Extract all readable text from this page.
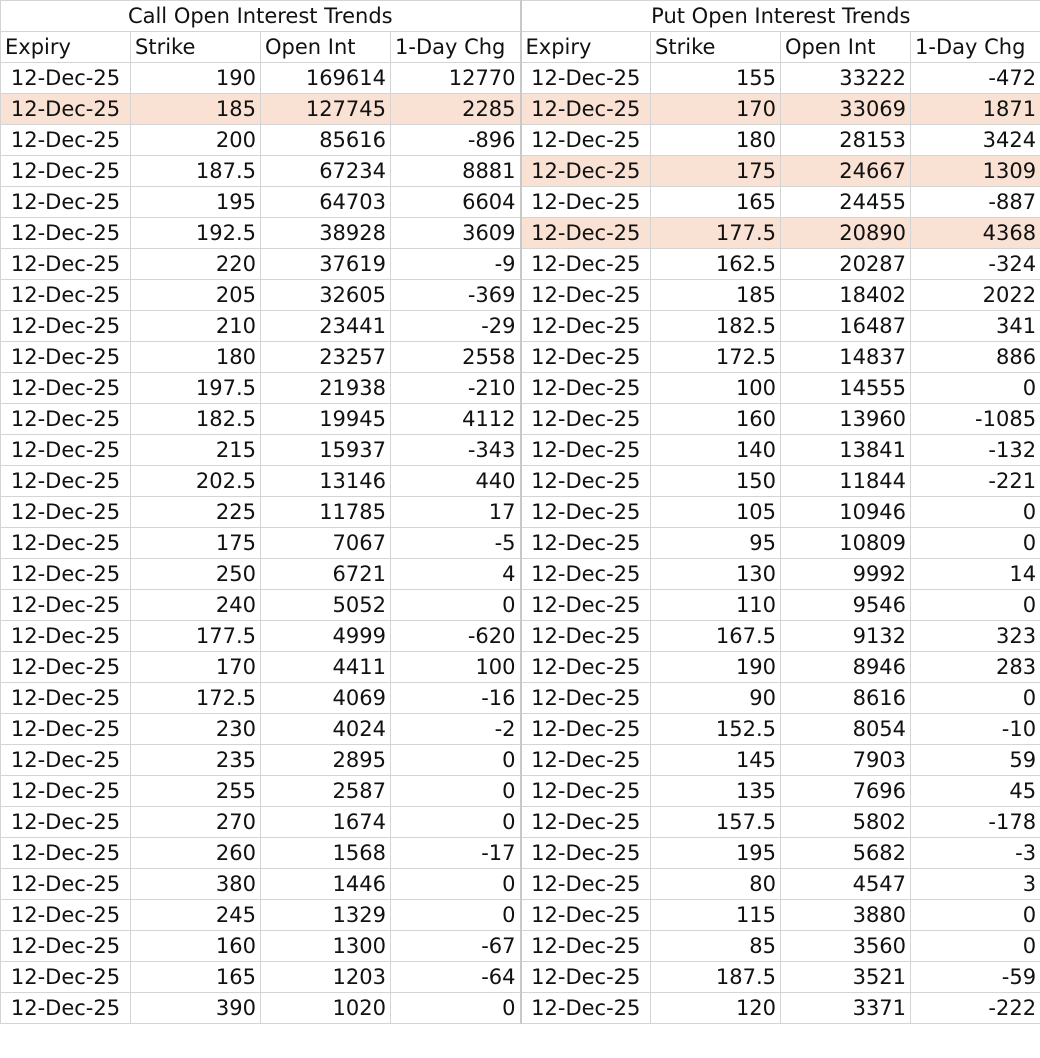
Call Open Interest Trends				Put Open Interest Trends			
Expiry	Strike	Open Int	1-Day Chg	Expiry	Strike	Open Int	1-Day Chg
12-Dec-25	190	169614	12770	12-Dec-25	155	33222	-472
12-Dec-25	185	127745	2285	12-Dec-25	170	33069	1871
12-Dec-25	200	85616	-896	12-Dec-25	180	28153	3424
12-Dec-25	187.5	67234	8881	12-Dec-25	175	24667	1309
12-Dec-25	195	64703	6604	12-Dec-25	165	24455	-887
12-Dec-25	192.5	38928	3609	12-Dec-25	177.5	20890	4368
12-Dec-25	220	37619	-9	12-Dec-25	162.5	20287	-324
12-Dec-25	205	32605	-369	12-Dec-25	185	18402	2022
12-Dec-25	210	23441	-29	12-Dec-25	182.5	16487	341
12-Dec-25	180	23257	2558	12-Dec-25	172.5	14837	886
12-Dec-25	197.5	21938	-210	12-Dec-25	100	14555	0
12-Dec-25	182.5	19945	4112	12-Dec-25	160	13960	-1085
12-Dec-25	215	15937	-343	12-Dec-25	140	13841	-132
12-Dec-25	202.5	13146	440	12-Dec-25	150	11844	-221
12-Dec-25	225	11785	17	12-Dec-25	105	10946	0
12-Dec-25	175	7067	-5	12-Dec-25	95	10809	0
12-Dec-25	250	6721	4	12-Dec-25	130	9992	14
12-Dec-25	240	5052	0	12-Dec-25	110	9546	0
12-Dec-25	177.5	4999	-620	12-Dec-25	167.5	9132	323
12-Dec-25	170	4411	100	12-Dec-25	190	8946	283
12-Dec-25	172.5	4069	-16	12-Dec-25	90	8616	0
12-Dec-25	230	4024	-2	12-Dec-25	152.5	8054	-10
12-Dec-25	235	2895	0	12-Dec-25	145	7903	59
12-Dec-25	255	2587	0	12-Dec-25	135	7696	45
12-Dec-25	270	1674	0	12-Dec-25	157.5	5802	-178
12-Dec-25	260	1568	-17	12-Dec-25	195	5682	-3
12-Dec-25	380	1446	0	12-Dec-25	80	4547	3
12-Dec-25	245	1329	0	12-Dec-25	115	3880	0
12-Dec-25	160	1300	-67	12-Dec-25	85	3560	0
12-Dec-25	165	1203	-64	12-Dec-25	187.5	3521	-59
12-Dec-25	390	1020	0	12-Dec-25	120	3371	-222
